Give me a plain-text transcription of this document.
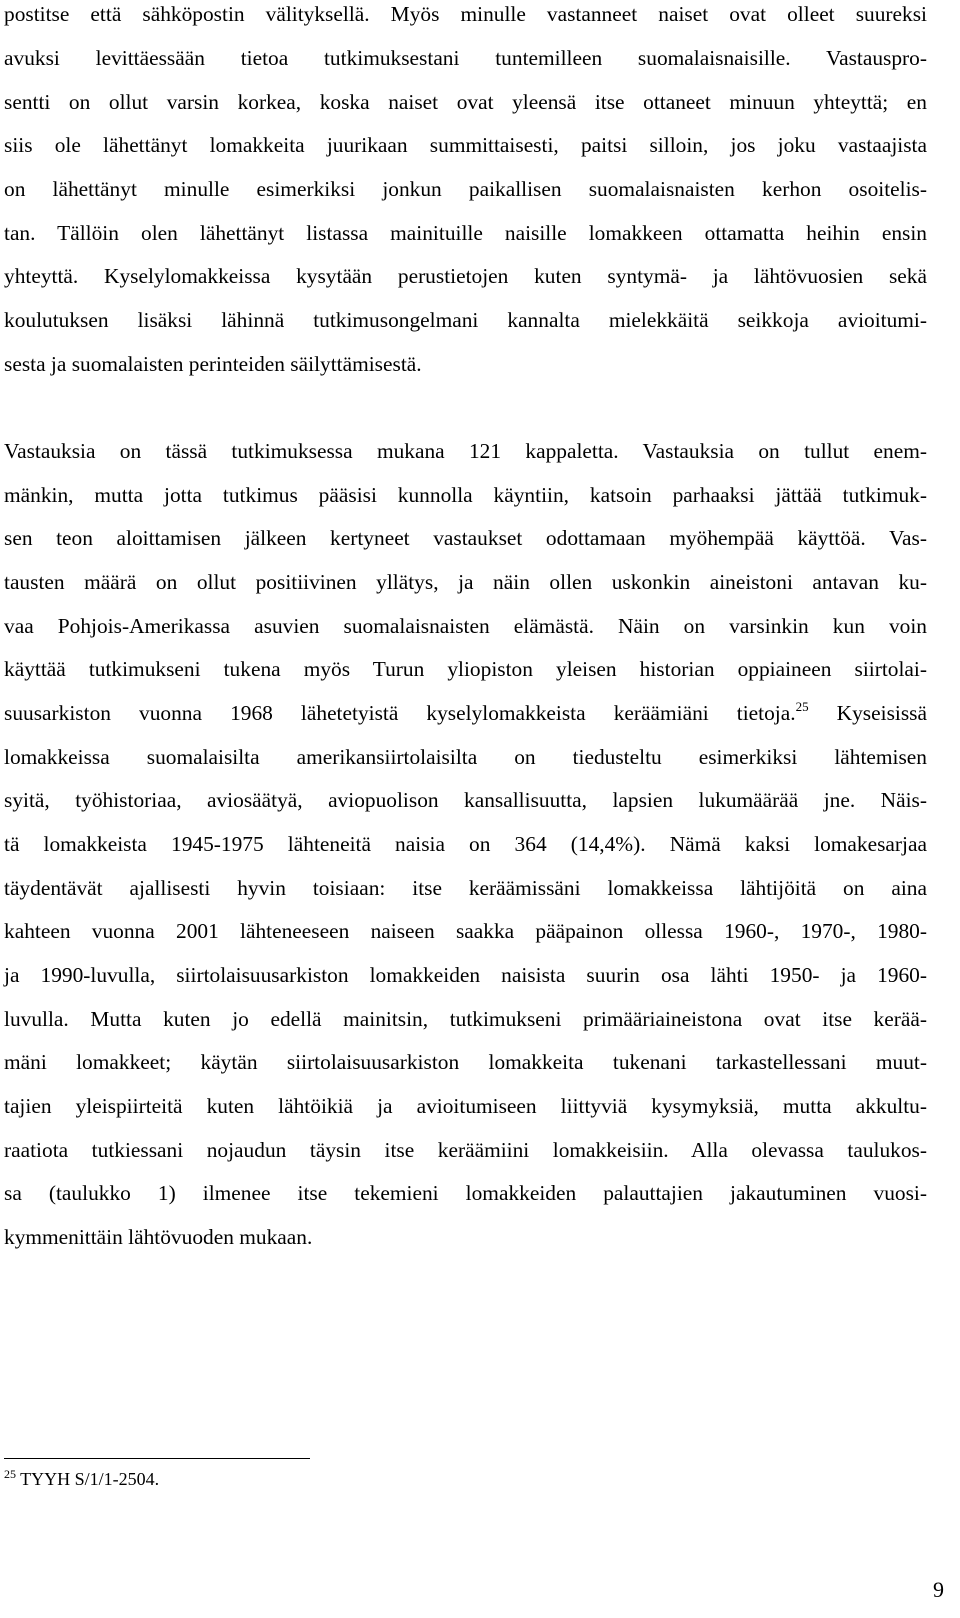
postitse että sähköpostin välityksellä. Myös minulle vastanneet naiset ovat olleet suureksi
avuksi levittäessään tietoa tutkimuksestani tuntemilleen suomalaisnaisille. Vastauspro-
sentti on ollut varsin korkea, koska naiset ovat yleensä itse ottaneet minuun yhteyttä; en
siis ole lähettänyt lomakkeita juurikaan summittaisesti, paitsi silloin, jos joku vastaajista
on lähettänyt minulle esimerkiksi jonkun paikallisen suomalaisnaisten kerhon osoitelis-
tan. Tällöin olen lähettänyt listassa mainituille naisille lomakkeen ottamatta heihin ensin
yhteyttä. Kyselylomakkeissa kysytään perustietojen kuten syntymä- ja lähtövuosien sekä
koulutuksen lisäksi lähinnä tutkimusongelmani kannalta mielekkäitä seikkoja avioitumi-
sesta ja suomalaisten perinteiden säilyttämisestä.
Vastauksia on tässä tutkimuksessa mukana 121 kappaletta. Vastauksia on tullut enem-
mänkin, mutta jotta tutkimus pääsisi kunnolla käyntiin, katsoin parhaaksi jättää tutkimuk-
sen teon aloittamisen jälkeen kertyneet vastaukset odottamaan myöhempää käyttöä. Vas-
tausten määrä on ollut positiivinen yllätys, ja näin ollen uskonkin aineistoni antavan ku-
vaa Pohjois-Amerikassa asuvien suomalaisnaisten elämästä. Näin on varsinkin kun voin
käyttää tutkimukseni tukena myös Turun yliopiston yleisen historian oppiaineen siirtolai-
suusarkiston vuonna 1968 lähetetyistä kyselylomakkeista keräämiäni tietoja.$^{25}$ Kyseisissä
lomakkeissa suomalaisilta amerikansiirtolaisilta on tiedusteltu esimerkiksi lähtemisen
syitä, työhistoriaa, aviosäätyä, aviopuolison kansallisuutta, lapsien lukumäärää jne. Näis-
tä lomakkeista 1945-1975 lähteneitä naisia on 364 (14,4%). Nämä kaksi lomakesarjaa
täydentävät ajallisesti hyvin toisiaan: itse keräämissäni lomakkeissa lähtijöitä on aina
kahteen vuonna 2001 lähteneeseen naiseen saakka pääpainon ollessa 1960-, 1970-, 1980-
ja 1990-luvulla, siirtolaisuusarkiston lomakkeiden naisista suurin osa lähti 1950- ja 1960-
luvulla. Mutta kuten jo edellä mainitsin, tutkimukseni primääriaineistona ovat itse kerää-
mäni lomakkeet; käytän siirtolaisuusarkiston lomakkeita tukenani tarkastellessani muut-
tajien yleispiirteitä kuten lähtöikiä ja avioitumiseen liittyviä kysymyksiä, mutta akkultu-
raatiota tutkiessani nojaudun täysin itse keräämiini lomakkeisiin. Alla olevassa taulukos-
sa (taulukko 1) ilmenee itse tekemieni lomakkeiden palauttajien jakautuminen vuosi-
kymmenittäin lähtövuoden mukaan.
$^{25}$ TYYH S/1/1-2504.
9
